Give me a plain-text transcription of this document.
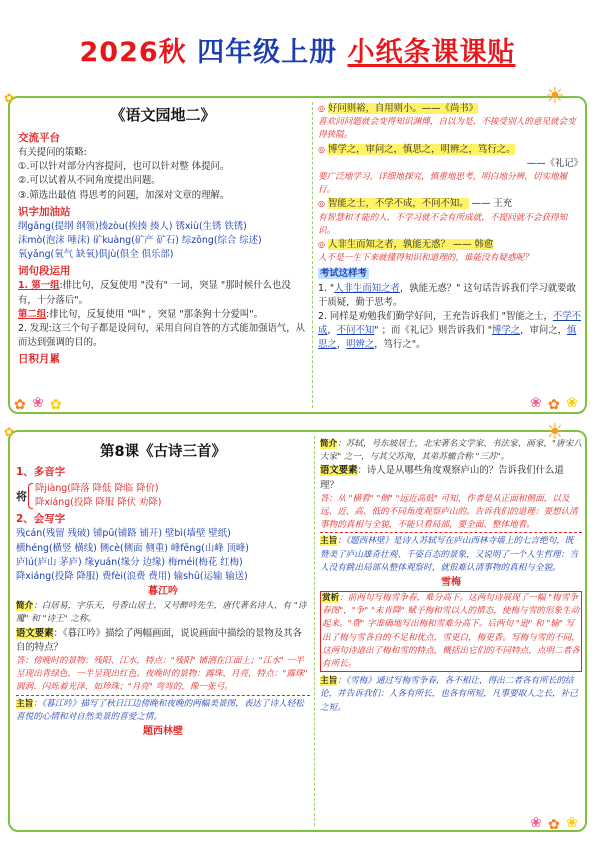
2026秋 四年级上册 小纸条课课贴
《语文园地二》
交流平台
有关提问的策略:
①.可以针对部分内容提问，也可以针对整 体提问。
②.可以试着从不同角度提出问题。
③.筛选出最值 得思考的问题，加深对文章的理解。
识字加油站
纲gāng(提纲 纲领)揍zòu(挨揍 揍人) 锈xiù(生锈 铁锈)
沫mò(泡沫 唾沫) 矿kuàng(矿产 矿石) 综zōng(综合 综述)
氧yǎng(氧气 缺氧)俱jù(俱全 俱乐部)
词句段运用
1. 第一组:排比句，反复使用 "没有" 一词，突显 "那时候什么也没有，十分落后"。
第二组:排比句，反复使用 "叫" ，突显 "那条狗十分爱叫"。
2. 发现:这三个句子都是设问句，采用自问自答的方式能加强语气，从而达到强调的目的。
日积月累
◎ 好问则裕，自用则小。——《尚书》
喜欢问问题就会变得知识渊博，自以为是、不接受别人的意见就会变得狭隘。
◎ 博学之，审问之，慎思之，明辨之，笃行之。
——《礼记》
要广泛地学习，详细地探究，慎重地思考，明白地分辨，切实地履行。
◎ 智能之士，不学不成，不问不知。 —— 王充
有智慧和才能的人，不学习就不会有所成就，不提问就不会获得知识。
◎ 人非生而知之者，孰能无惑？ —— 韩愈
人不是一生下来就懂得知识和道理的，谁能没有疑惑呢？
考试这样考
1. "人非生而知之者，孰能无惑？" 这句话告诉我们学习就要敢于质疑，勤于思考。
2. 同样是劝勉我们勤学好问，王充告诉我们 "智能之士，不学不成，不问不知" ；而《礼记》则告诉我们 "博学之，审问之，慎思之，明辨之，笃行之"。
✿ ❀ ✿	❀ ✿ ❀
☀
✿
第8课《古诗三首》
1、多音字
将
降jiàng(降落 降低 降临 降价)
降xiáng(投降 降服 降伏 劝降)
2、会写字
残cán(残留 残破) 铺pū(铺路 铺开) 壁bì(墙壁 壁纸)
横héng(横竖 横线) 侧cè(侧面 侧重) 峰fēng(山峰 顶峰)
庐lú(庐山 茅庐) 缘yuán(缘分 边缘) 梅méi(梅花 红梅)
降xiáng(投降 降服) 费fèi(浪费 费用) 输shū(运输 输送)
暮江吟
简介：白居易，字乐天，号香山居士，又号醉吟先生，唐代著名诗人，有 "诗魔" 和 "诗王" 之称。
语文要素：《暮江吟》描绘了两幅画面，说说画面中描绘的景物及其各自的特点？
答：傍晚时的景物：残阳、江水，特点："残阳" 铺洒在江面上；"江水" 一半呈现出青绿色，一半呈现出红色。夜晚时的景物：露珠、月亮，特点："露珠" 圆润、闪烁着光泽，如珍珠；"月亮" 弯弯的，像一张弓。
主旨：《暮江吟》描写了秋日江边傍晚和夜晚的两幅美景图，表达了诗人轻松喜悦的心情和对自然美景的喜爱之情。
题西林壁
简介：苏轼，号东坡居士，北宋著名文学家、书法家、画家，"唐宋八大家" 之一，与其父苏洵、其弟苏辙合称 "三苏"。
语文要素：诗人是从哪些角度观察庐山的？告诉我们什么道理？
答：从 "横看" "侧" "远近高低" 可知，作者是从正面和侧面，以及远、近、高、低的不同角度观察庐山的。告诉我们的道理：要想认清事物的真相与全貌，不能只看局部，要全面、整体地看。
主旨：《题西林壁》是诗人苏轼写在庐山西林寺墙上的七言绝句，既赞美了庐山雄奇壮观、千姿百态的景象，又说明了一个人生哲理：当人没有跳出局部从整体观察时，就很难认清事物的真相与全貌。
雪梅
赏析：前两句写梅雪争春，难分高下。这两句诗展现了一幅 "梅雪争春图"，"争" "未肯降" 赋予梅和雪以人的情态，使梅与雪的形象生动起来。"费" 字准确地写出梅和雪难分高下。后两句 "逊" 和 "输" 写出了梅与雪各自的不足和优点，雪更白，梅更香。写梅与雪的不同，这两句诗道出了梅和雪的特点，概括出它们的不同特点，点明二者各有所长。
主旨：《雪梅》通过写梅雪争春，各不相让，得出二者各有所长的结论，并告诉我们：人各有所长，也各有所短，凡事要取人之长，补己之短。
❀ ✿ ❀
☀
✿
